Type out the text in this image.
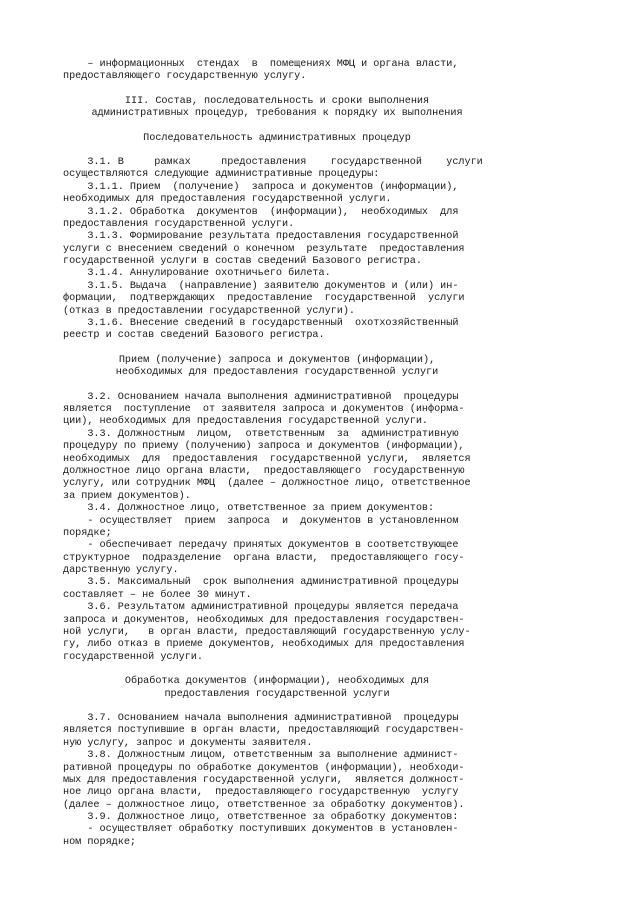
– информационных  стендах  в  помещениях МФЦ и органа власти,
предоставляющего государственную услугу.
III. Состав, последовательность и сроки выполнения
административных процедур, требования к порядку их выполнения
Последовательность административных процедур
3.1. В     рамках     предоставления    государственной    услуги
осуществляются следующие административные процедуры:
3.1.1. Прием  (получение)  запроса и документов (информации),
необходимых для предоставления государственной услуги.
3.1.2. Обработка  документов  (информации),  необходимых  для
предоставления государственной услуги.
3.1.3. Формирование результата предоставления государственной
услуги с внесением сведений о конечном  результате  предоставления
государственной услуги в состав сведений Базового регистра.
3.1.4. Аннулирование охотничьего билета.
3.1.5. Выдача  (направление) заявителю документов и (или) ин-
формации,  подтверждающих  предоставление  государственной  услуги
(отказ в предоставлении государственной услуги).
3.1.6. Внесение сведений в государственный  охотхозяйственный
реестр и состав сведений Базового регистра.
Прием (получение) запроса и документов (информации),
необходимых для предоставления государственной услуги
3.2. Основанием начала выполнения административной  процедуры
является  поступление  от заявителя запроса и документов (информа-
ции), необходимых для предоставления государственной услуги.
3.3. Должностным  лицом,  ответственным  за  административную
процедуру по приему (получению) запроса и документов (информации),
необходимых  для  предоставления  государственной услуги,  является
должностное лицо органа власти,  предоставляющего  государственную
услугу, или сотрудник МФЦ  (далее – должностное лицо, ответственное
за прием документов).
3.4. Должностное лицо, ответственное за прием документов:
- осуществляет  прием  запроса  и  документов в установленном
порядке;
- обеспечивает передачу принятых документов в соответствующее
структурное  подразделение  органа власти,  предоставляющего госу-
дарственную услугу.
3.5. Максимальный  срок выполнения административной процедуры
составляет – не более 30 минут.
3.6. Результатом административной процедуры является передача
запроса и документов, необходимых для предоставления государствен-
ной услуги,   в орган власти, предоставляющий государственную услу-
гу, либо отказ в приеме документов, необходимых для предоставления
государственной услуги.
Обработка документов (информации), необходимых для
предоставления государственной услуги
3.7. Основанием начала выполнения административной  процедуры
является поступившие в орган власти, предоставляющий государствен-
ную услугу, запрос и документы заявителя.
3.8. Должностным лицом, ответственным за выполнение админист-
ративной процедуры по обработке документов (информации), необходи-
мых для предоставления государственной услуги,  является должност-
ное лицо органа власти,  предоставляющего государственную  услугу
(далее – должностное лицо, ответственное за обработку документов).
3.9. Должностное лицо, ответственное за обработку документов:
- осуществляет обработку поступивших документов в установлен-
ном порядке;
